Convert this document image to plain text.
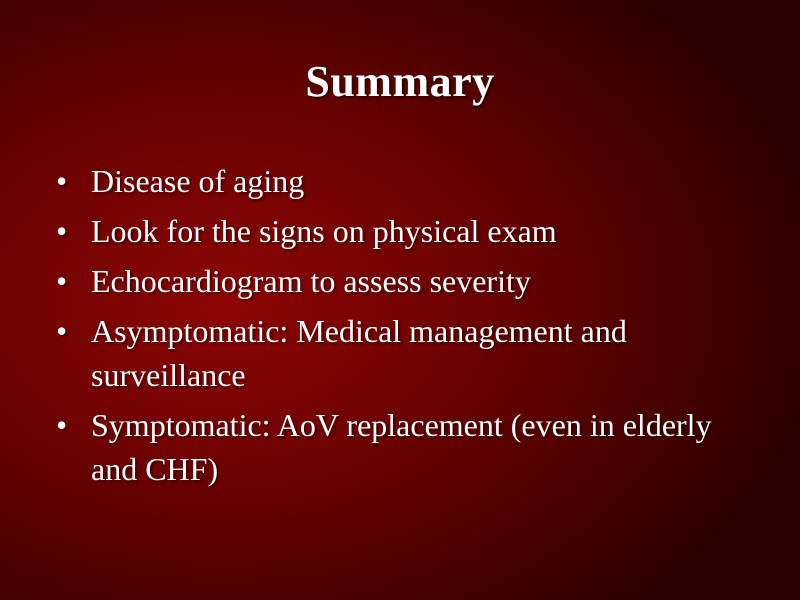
Summary
• Disease of aging
• Look for the signs on physical exam
• Echocardiogram to assess severity
• Asymptomatic: Medical management and surveillance
• Symptomatic: AoV replacement (even in elderly and CHF)
